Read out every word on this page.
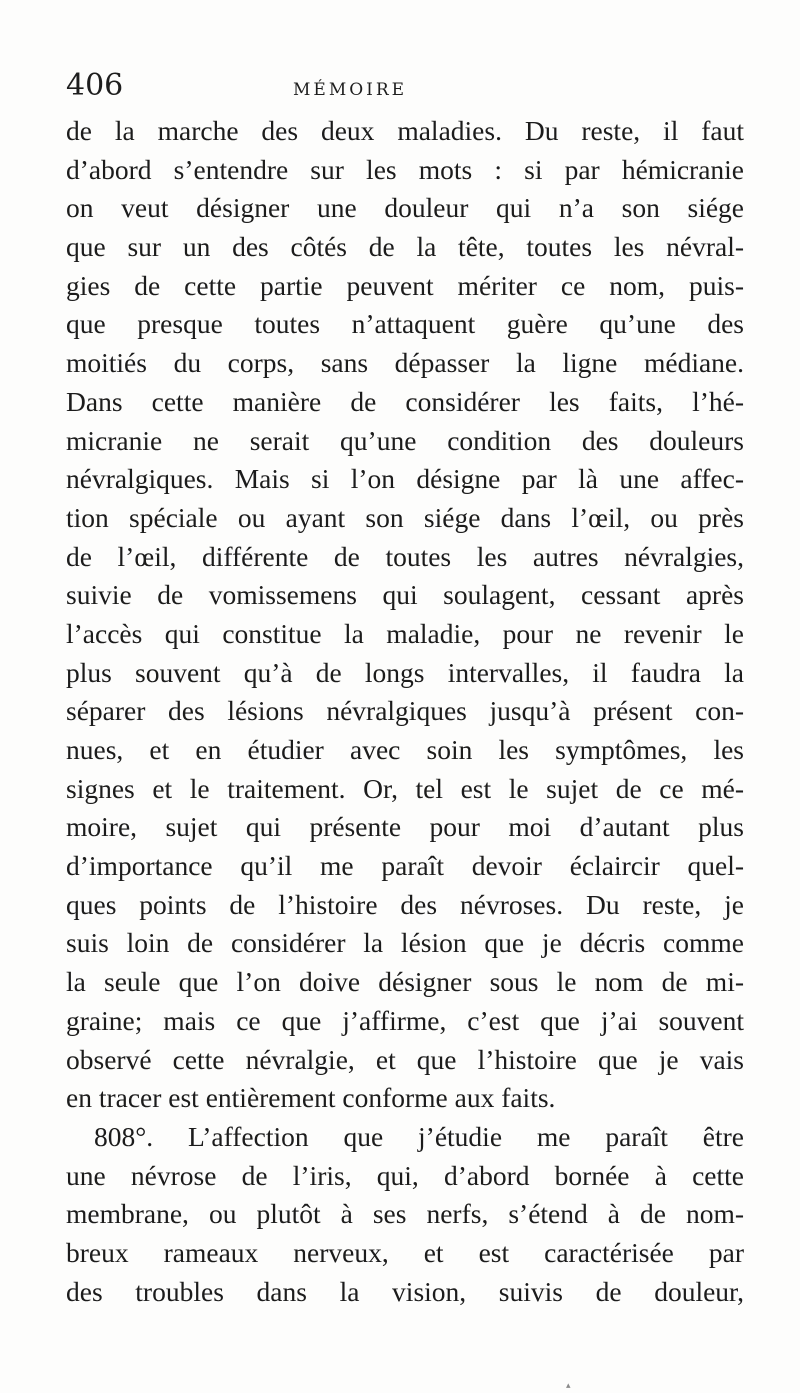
406	MÉMOIRE
de la marche des deux maladies. Du reste, il faut
d’abord s’entendre sur les mots : si par hémicranie
on veut désigner une douleur qui n’a son siége
que sur un des côtés de la tête, toutes les névral-
gies de cette partie peuvent mériter ce nom, puis-
que presque toutes n’attaquent guère qu’une des
moitiés du corps, sans dépasser la ligne médiane.
Dans cette manière de considérer les faits, l’hé-
micranie ne serait qu’une condition des douleurs
névralgiques. Mais si l’on désigne par là une affec-
tion spéciale ou ayant son siége dans l’œil, ou près
de l’œil, différente de toutes les autres névralgies,
suivie de vomissemens qui soulagent, cessant après
l’accès qui constitue la maladie, pour ne revenir le
plus souvent qu’à de longs intervalles, il faudra la
séparer des lésions névralgiques jusqu’à présent con-
nues, et en étudier avec soin les symptômes, les
signes et le traitement. Or, tel est le sujet de ce mé-
moire, sujet qui présente pour moi d’autant plus
d’importance qu’il me paraît devoir éclaircir quel-
ques points de l’histoire des névroses. Du reste, je
suis loin de considérer la lésion que je décris comme
la seule que l’on doive désigner sous le nom de mi-
graine; mais ce que j’affirme, c’est que j’ai souvent
observé cette névralgie, et que l’histoire que je vais
en tracer est entièrement conforme aux faits.
808°. L’affection que j’étudie me paraît être
une névrose de l’iris, qui, d’abord bornée à cette
membrane, ou plutôt à ses nerfs, s’étend à de nom-
breux rameaux nerveux, et est caractérisée par
des troubles dans la vision, suivis de douleur,
▴
